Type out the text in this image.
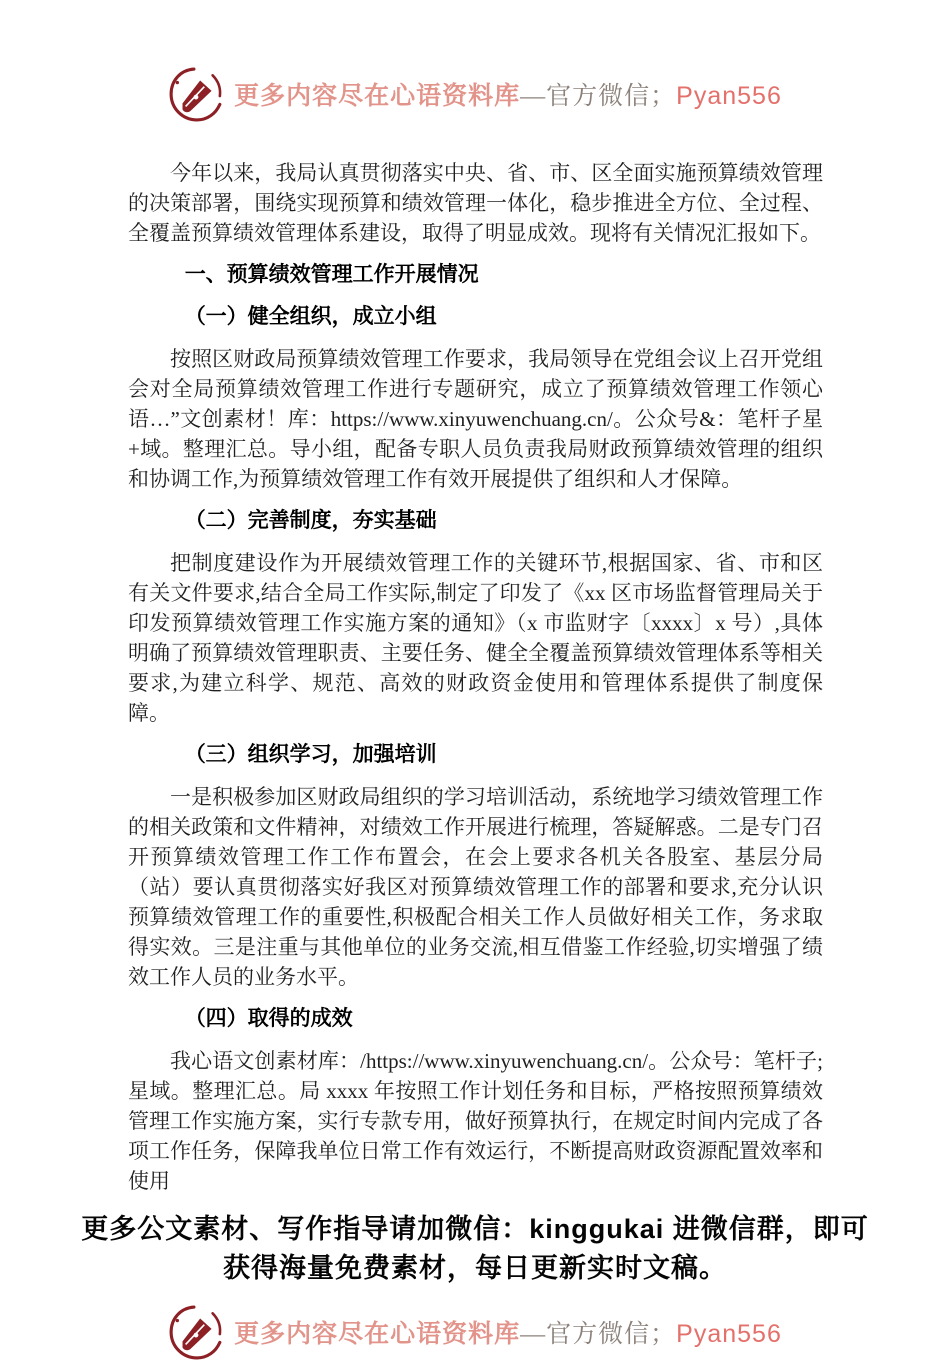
更多内容尽在心语资料库—官方微信；Pyan556

今年以来，我局认真贯彻落实中央、省、市、区全面实施预算绩效管理的决策部署，围绕实现预算和绩效管理一体化，稳步推进全方位、全过程、全覆盖预算绩效管理体系建设，取得了明显成效。现将有关情况汇报如下。

一、预算绩效管理工作开展情况

（一）健全组织，成立小组

按照区财政局预算绩效管理工作要求，我局领导在党组会议上召开党组会对全局预算绩效管理工作进行专题研究，成立了预算绩效管理工作领心语…”文创素材！库：https://www.xinyuwenchuang.cn/。公众号&：笔杆子星+域。整理汇总。导小组，配备专职人员负责我局财政预算绩效管理的组织和协调工作,为预算绩效管理工作有效开展提供了组织和人才保障。

（二）完善制度，夯实基础

把制度建设作为开展绩效管理工作的关键环节,根据国家、省、市和区有关文件要求,结合全局工作实际,制定了印发了《xx 区市场监督管理局关于印发预算绩效管理工作实施方案的通知》（x 市监财字〔xxxx〕x 号）,具体明确了预算绩效管理职责、主要任务、健全全覆盖预算绩效管理体系等相关要求,为建立科学、规范、高效的财政资金使用和管理体系提供了制度保障。

（三）组织学习，加强培训

一是积极参加区财政局组织的学习培训活动，系统地学习绩效管理工作的相关政策和文件精神，对绩效工作开展进行梳理，答疑解惑。二是专门召开预算绩效管理工作工作布置会，在会上要求各机关各股室、基层分局（站）要认真贯彻落实好我区对预算绩效管理工作的部署和要求,充分认识预算绩效管理工作的重要性,积极配合相关工作人员做好相关工作，务求取得实效。三是注重与其他单位的业务交流,相互借鉴工作经验,切实增强了绩效工作人员的业务水平。

（四）取得的成效

我心语文创素材库：/https://www.xinyuwenchuang.cn/。公众号：笔杆子;星域。整理汇总。局 xxxx 年按照工作计划任务和目标，严格按照预算绩效管理工作实施方案，实行专款专用，做好预算执行，在规定时间内完成了各项工作任务，保障我单位日常工作有效运行，不断提高财政资源配置效率和使用

更多公文素材、写作指导请加微信：kinggukai 进微信群，即可
获得海量免费素材，每日更新实时文稿。
更多内容尽在心语资料库—官方微信；Pyan556
